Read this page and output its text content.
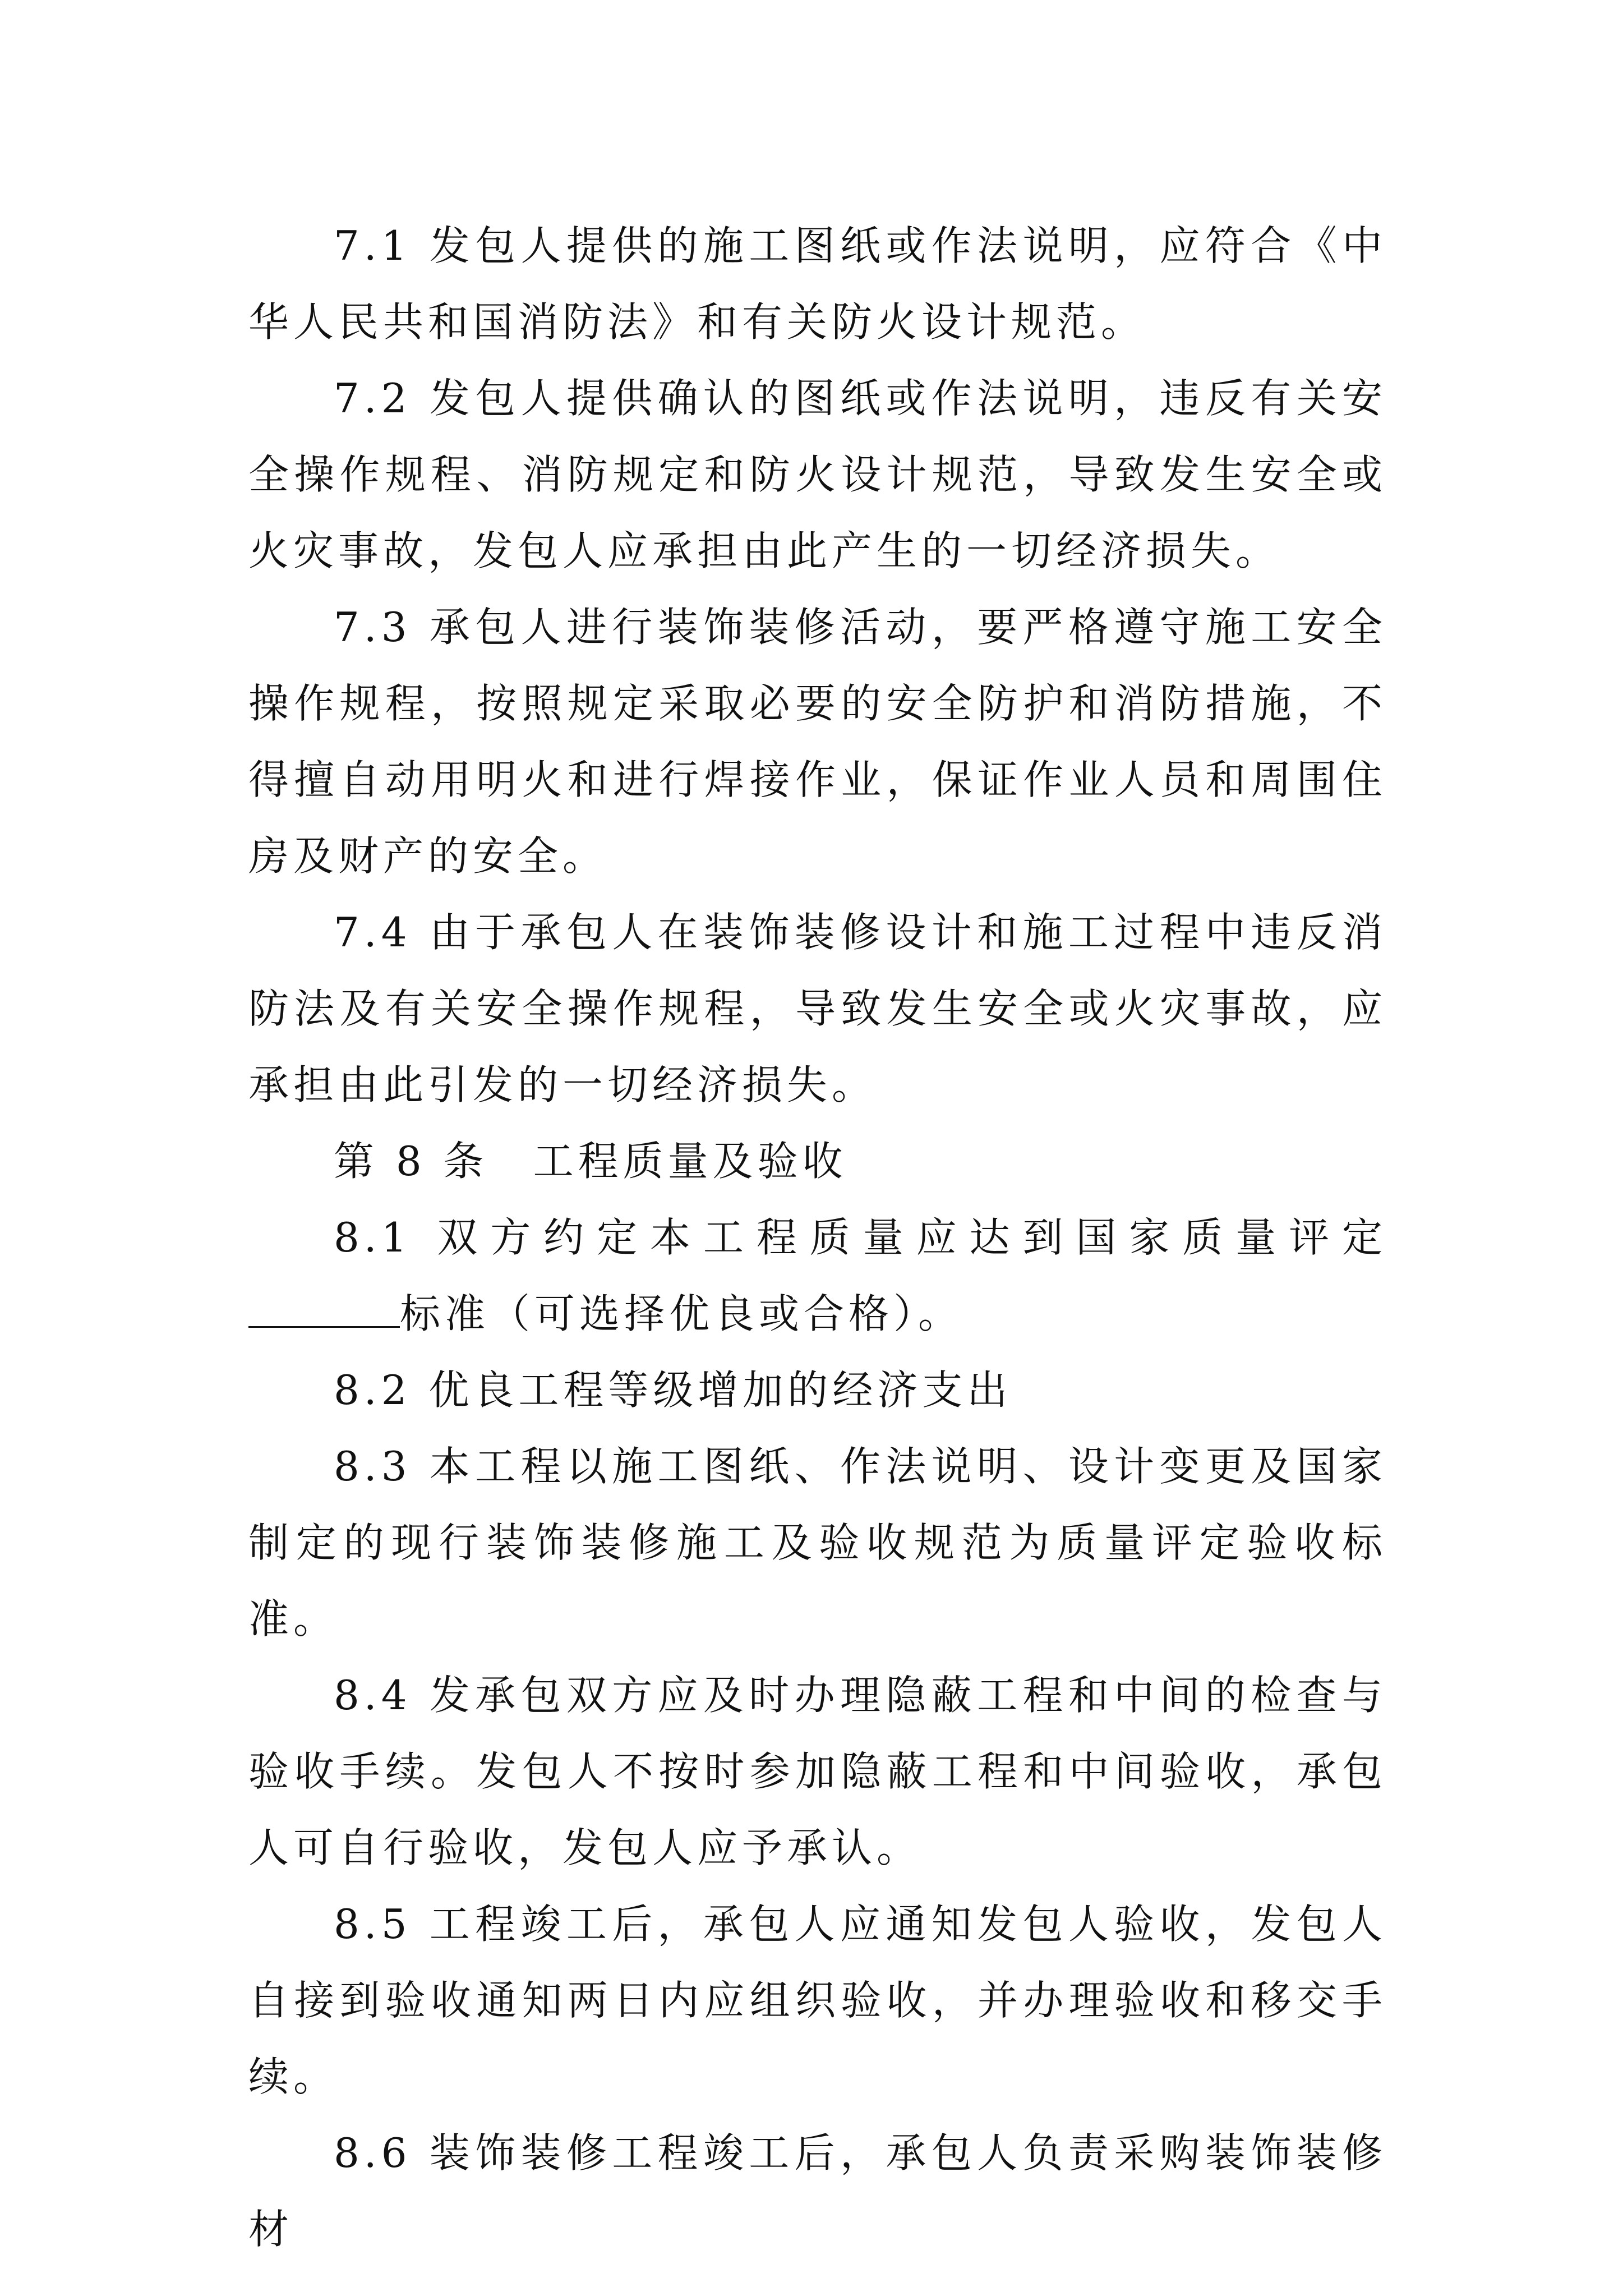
7.1 发包人提供的施工图纸或作法说明，应符合《中华人民共和国消防法》和有关防火设计规范。

7.2 发包人提供确认的图纸或作法说明，违反有关安全操作规程、消防规定和防火设计规范，导致发生安全或火灾事故，发包人应承担由此产生的一切经济损失。

7.3 承包人进行装饰装修活动，要严格遵守施工安全操作规程，按照规定采取必要的安全防护和消防措施，不得擅自动用明火和进行焊接作业，保证作业人员和周围住房及财产的安全。

7.4 由于承包人在装饰装修设计和施工过程中违反消防法及有关安全操作规程，导致发生安全或火灾事故，应承担由此引发的一切经济损失。

第 8 条　工程质量及验收

8.1 双方约定本工程质量应达到国家质量评定标准（可选择优良或合格）。

8.2 优良工程等级增加的经济支出

8.3 本工程以施工图纸、作法说明、设计变更及国家制定的现行装饰装修施工及验收规范为质量评定验收标准。

8.4 发承包双方应及时办理隐蔽工程和中间的检查与验收手续。发包人不按时参加隐蔽工程和中间验收，承包人可自行验收，发包人应予承认。

8.5 工程竣工后，承包人应通知发包人验收，发包人自接到验收通知两日内应组织验收，并办理验收和移交手续。

8.6 装饰装修工程竣工后，承包人负责采购装饰装修材
